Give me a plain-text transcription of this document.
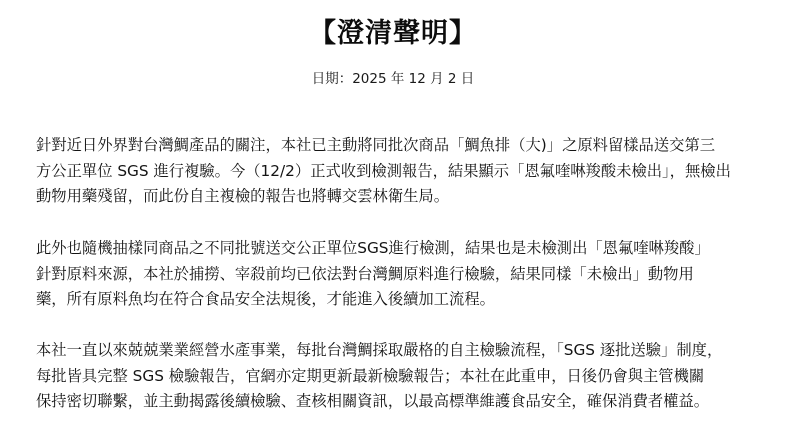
【澄清聲明】
日期：2025 年 12 月 2 日
針對近日外界對台灣鯛產品的關注，本社已主動將同批次商品「鯛魚排（大)」之原料留樣品送交第三
方公正單位 SGS 進行複驗。今（12/2）正式收到檢測報告，結果顯示「恩氟喹啉羧酸未檢出」，無檢出
動物用藥殘留，而此份自主複檢的報告也將轉交雲林衛生局。
此外也隨機抽樣同商品之不同批號送交公正單位SGS進行檢測，結果也是未檢測出「恩氟喹啉羧酸」
針對原料來源，本社於捕撈、宰殺前均已依法對台灣鯛原料進行檢驗，結果同樣「未檢出」動物用
藥，所有原料魚均在符合食品安全法規後，才能進入後續加工流程。
本社一直以來兢兢業業經營水產事業，每批台灣鯛採取嚴格的自主檢驗流程，「SGS 逐批送驗」制度，
每批皆具完整 SGS 檢驗報告，官網亦定期更新最新檢驗報告；本社在此重申，日後仍會與主管機關
保持密切聯繫，並主動揭露後續檢驗、查核相關資訊，以最高標準維護食品安全，確保消費者權益。
